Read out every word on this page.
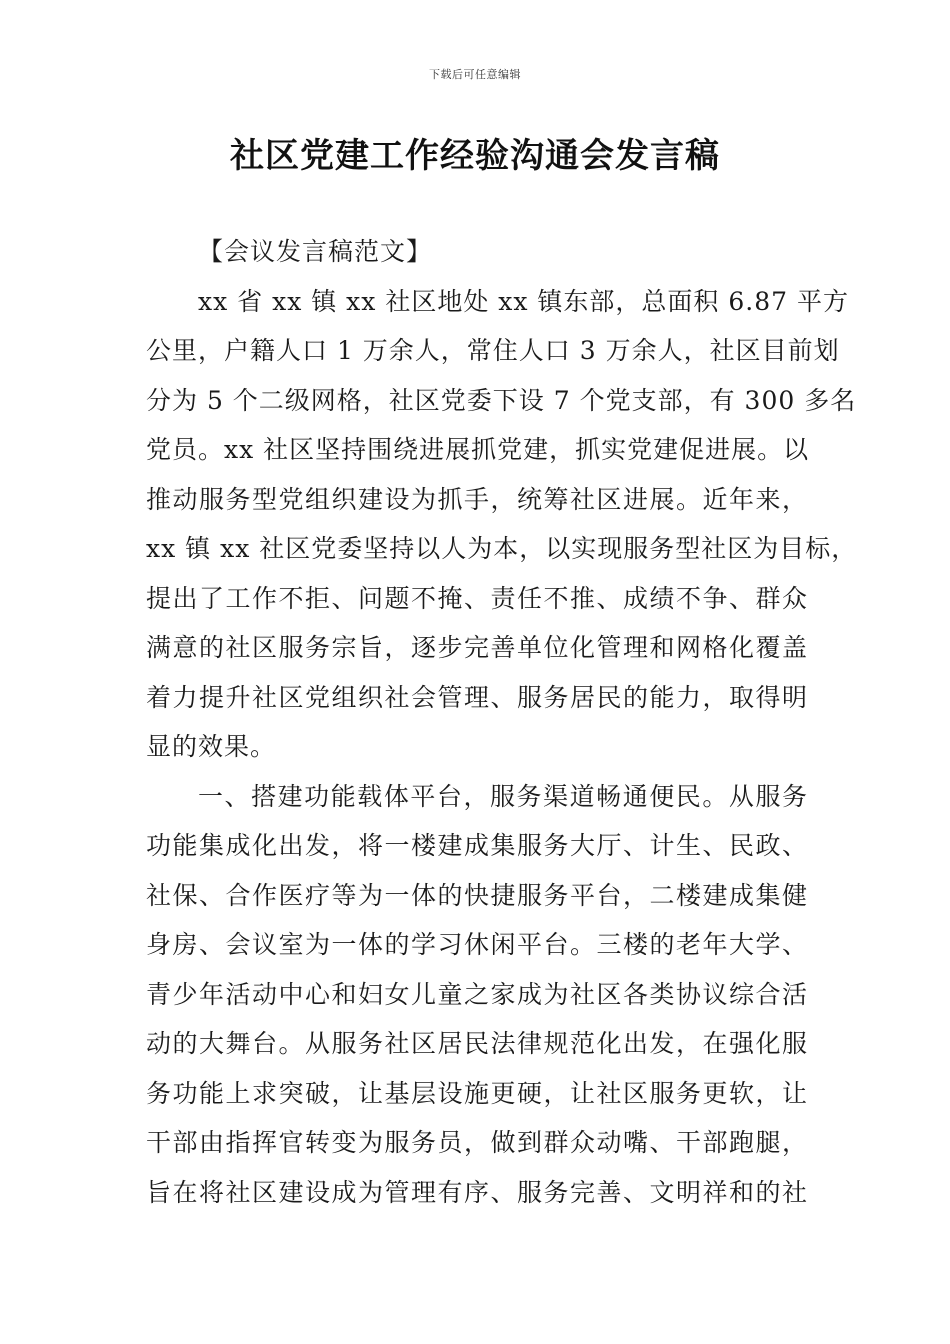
下载后可任意编辑
社区党建工作经验沟通会发言稿
【会议发言稿范文】
xx 省 xx 镇 xx 社区地处 xx 镇东部，总面积 6.87 平方
公里，户籍人口 1 万余人，常住人口 3 万余人，社区目前划
分为 5 个二级网格，社区党委下设 7 个党支部，有 300 多名
党员。xx 社区坚持围绕进展抓党建，抓实党建促进展。以
推动服务型党组织建设为抓手，统筹社区进展。近年来，
xx 镇 xx 社区党委坚持以人为本，以实现服务型社区为目标，
提出了工作不拒、问题不掩、责任不推、成绩不争、群众
满意的社区服务宗旨，逐步完善单位化管理和网格化覆盖
着力提升社区党组织社会管理、服务居民的能力，取得明
显的效果。
一、搭建功能载体平台，服务渠道畅通便民。从服务
功能集成化出发，将一楼建成集服务大厅、计生、民政、
社保、合作医疗等为一体的快捷服务平台，二楼建成集健
身房、会议室为一体的学习休闲平台。三楼的老年大学、
青少年活动中心和妇女儿童之家成为社区各类协议综合活
动的大舞台。从服务社区居民法律规范化出发，在强化服
务功能上求突破，让基层设施更硬，让社区服务更软，让
干部由指挥官转变为服务员，做到群众动嘴、干部跑腿，
旨在将社区建设成为管理有序、服务完善、文明祥和的社
